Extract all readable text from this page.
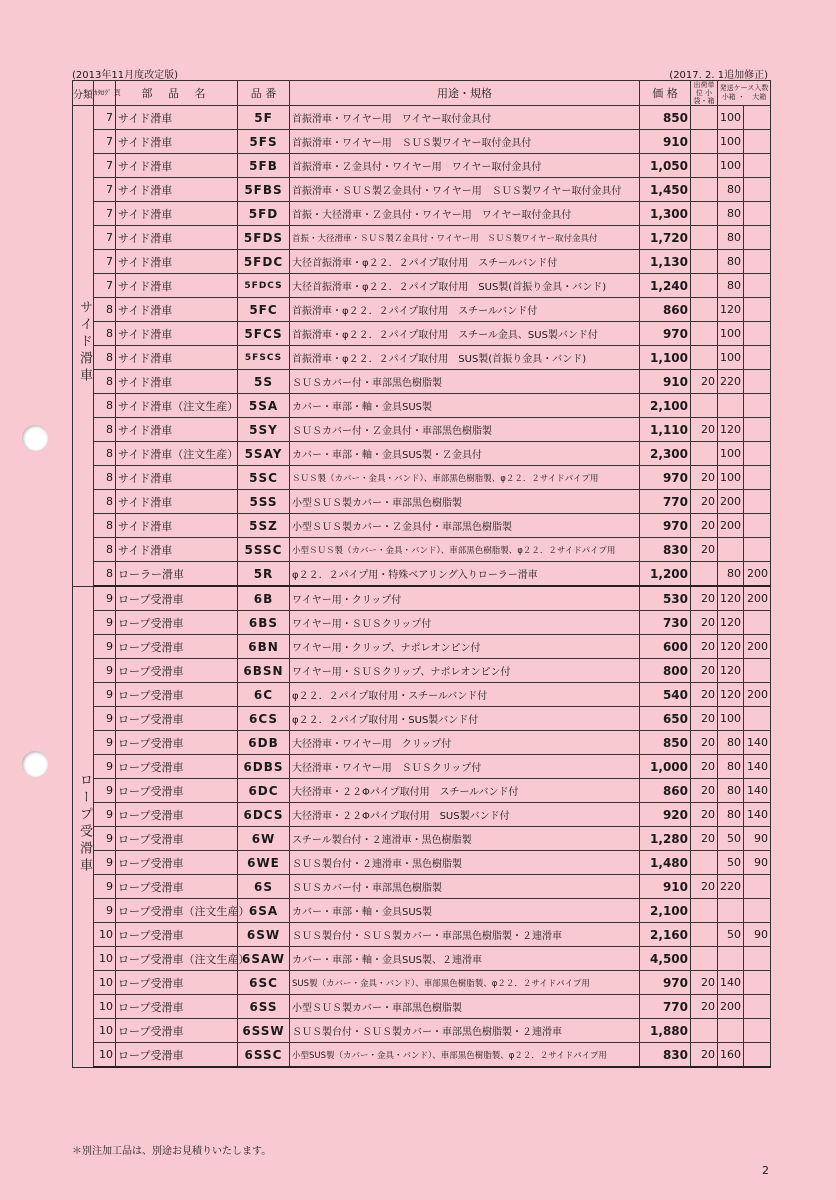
(2013年11月度改定版)	(2017. 2. 1追加修正)
分類	ｶﾀﾛｸﾞ 頁	部 品 名	品 番	用途・規格	価 格	出荷単位 小袋・箱	発送ケース入数
小箱 ・ 大箱	

サイド滑車	7	サイド滑車	5F	首振滑車・ワイヤー用　ワイヤー取付金具付	850		100	
	7	サイド滑車	5FS	首振滑車・ワイヤー用　ＳＵＳ製ワイヤー取付金具付	910		100	
	7	サイド滑車	5FB	首振滑車・Ｚ金具付・ワイヤー用　ワイヤー取付金具付	1,050		100	
	7	サイド滑車	5FBS	首振滑車・ＳＵＳ製Ｚ金具付・ワイヤー用　ＳＵＳ製ワイヤー取付金具付	1,450		80	
	7	サイド滑車	5FD	首振・大径滑車・Ｚ金具付・ワイヤー用　ワイヤー取付金具付	1,300		80	
	7	サイド滑車	5FDS	首振・大径滑車・ＳＵＳ製Ｚ金具付・ワイヤー用　ＳＵＳ製ワイヤー取付金具付	1,720		80	
	7	サイド滑車	5FDC	大径首振滑車・φ２２．２パイプ取付用　スチールバンド付	1,130		80	
	7	サイド滑車	5FDCS	大径首振滑車・φ２２．２パイプ取付用　SUS製(首振り金具・バンド)	1,240		80	
	8	サイド滑車	5FC	首振滑車・φ２２．２パイプ取付用　スチールバンド付	860		120	
	8	サイド滑車	5FCS	首振滑車・φ２２．２パイプ取付用　スチール金具、SUS製バンド付	970		100	
	8	サイド滑車	5FSCS	首振滑車・φ２２．２パイプ取付用　SUS製(首振り金具・バンド)	1,100		100	
	8	サイド滑車	5S	ＳＵＳカバー付・車部黒色樹脂製	910	20	220	
	8	サイド滑車（注文生産）	5SA	カバー・車部・軸・金具SUS製	2,100			
	8	サイド滑車	5SY	ＳＵＳカバー付・Ｚ金具付・車部黒色樹脂製	1,110	20	120	
	8	サイド滑車（注文生産）	5SAY	カバー・車部・軸・金具SUS製・Ｚ金具付	2,300		100	
	8	サイド滑車	5SC	ＳＵＳ製（カバー・金具・バンド）、車部黒色樹脂製、φ２２．２サイドパイプ用	970	20	100	
	8	サイド滑車	5SS	小型ＳＵＳ製カバー・車部黒色樹脂製	770	20	200	
	8	サイド滑車	5SZ	小型ＳＵＳ製カバー・Ｚ金具付・車部黒色樹脂製	970	20	200	
	8	サイド滑車	5SSC	小型ＳＵＳ製（カバー・金具・バンド）、車部黒色樹脂製、φ２２．２サイドパイプ用	830	20		
	8	ローラー滑車	5R	φ２２．２パイプ用・特殊ベアリング入りローラー滑車	1,200		80	200
ロープ受滑車	9	ロープ受滑車	6B	ワイヤー用・クリップ付	530	20	120	200
	9	ロープ受滑車	6BS	ワイヤー用・ＳＵＳクリップ付	730	20	120	
	9	ロープ受滑車	6BN	ワイヤー用・クリップ、ナポレオンピン付	600	20	120	200
	9	ロープ受滑車	6BSN	ワイヤー用・ＳＵＳクリップ、ナポレオンピン付	800	20	120	
	9	ロープ受滑車	6C	φ２２．２パイプ取付用・スチールバンド付	540	20	120	200
	9	ロープ受滑車	6CS	φ２２．２パイプ取付用・SUS製バンド付	650	20	100	
	9	ロープ受滑車	6DB	大径滑車・ワイヤー用　クリップ付	850	20	80	140
	9	ロープ受滑車	6DBS	大径滑車・ワイヤー用　ＳＵＳクリップ付	1,000	20	80	140
	9	ロープ受滑車	6DC	大径滑車・２２Φパイプ取付用　スチールバンド付	860	20	80	140
	9	ロープ受滑車	6DCS	大径滑車・２２Φパイプ取付用　SUS製バンド付	920	20	80	140
	9	ロープ受滑車	6W	スチール製台付・２連滑車・黒色樹脂製	1,280	20	50	90
	9	ロープ受滑車	6WE	ＳＵＳ製台付・２連滑車・黒色樹脂製	1,480		50	90
	9	ロープ受滑車	6S	ＳＵＳカバー付・車部黒色樹脂製	910	20	220	
	9	ロープ受滑車（注文生産）	6SA	カバー・車部・軸・金具SUS製	2,100			
	10	ロープ受滑車	6SW	ＳＵＳ製台付・ＳＵＳ製カバー・車部黒色樹脂製・２連滑車	2,160		50	90
	10	ロープ受滑車（注文生産）	6SAW	カバー・車部・軸・金具SUS製、２連滑車	4,500			
	10	ロープ受滑車	6SC	SUS製（カバー・金具・バンド）、車部黒色樹脂製、φ２２．２サイドパイプ用	970	20	140	
	10	ロープ受滑車	6SS	小型ＳＵＳ製カバー・車部黒色樹脂製	770	20	200	
	10	ロープ受滑車	6SSW	ＳＵＳ製台付・ＳＵＳ製カバー・車部黒色樹脂製・２連滑車	1,880			
	10	ロープ受滑車	6SSC	小型SUS製（カバー・金具・バンド）、車部黒色樹脂製、φ２２．２サイドパイプ用	830	20	160	
＊別注加工品は、別途お見積りいたします。
2
